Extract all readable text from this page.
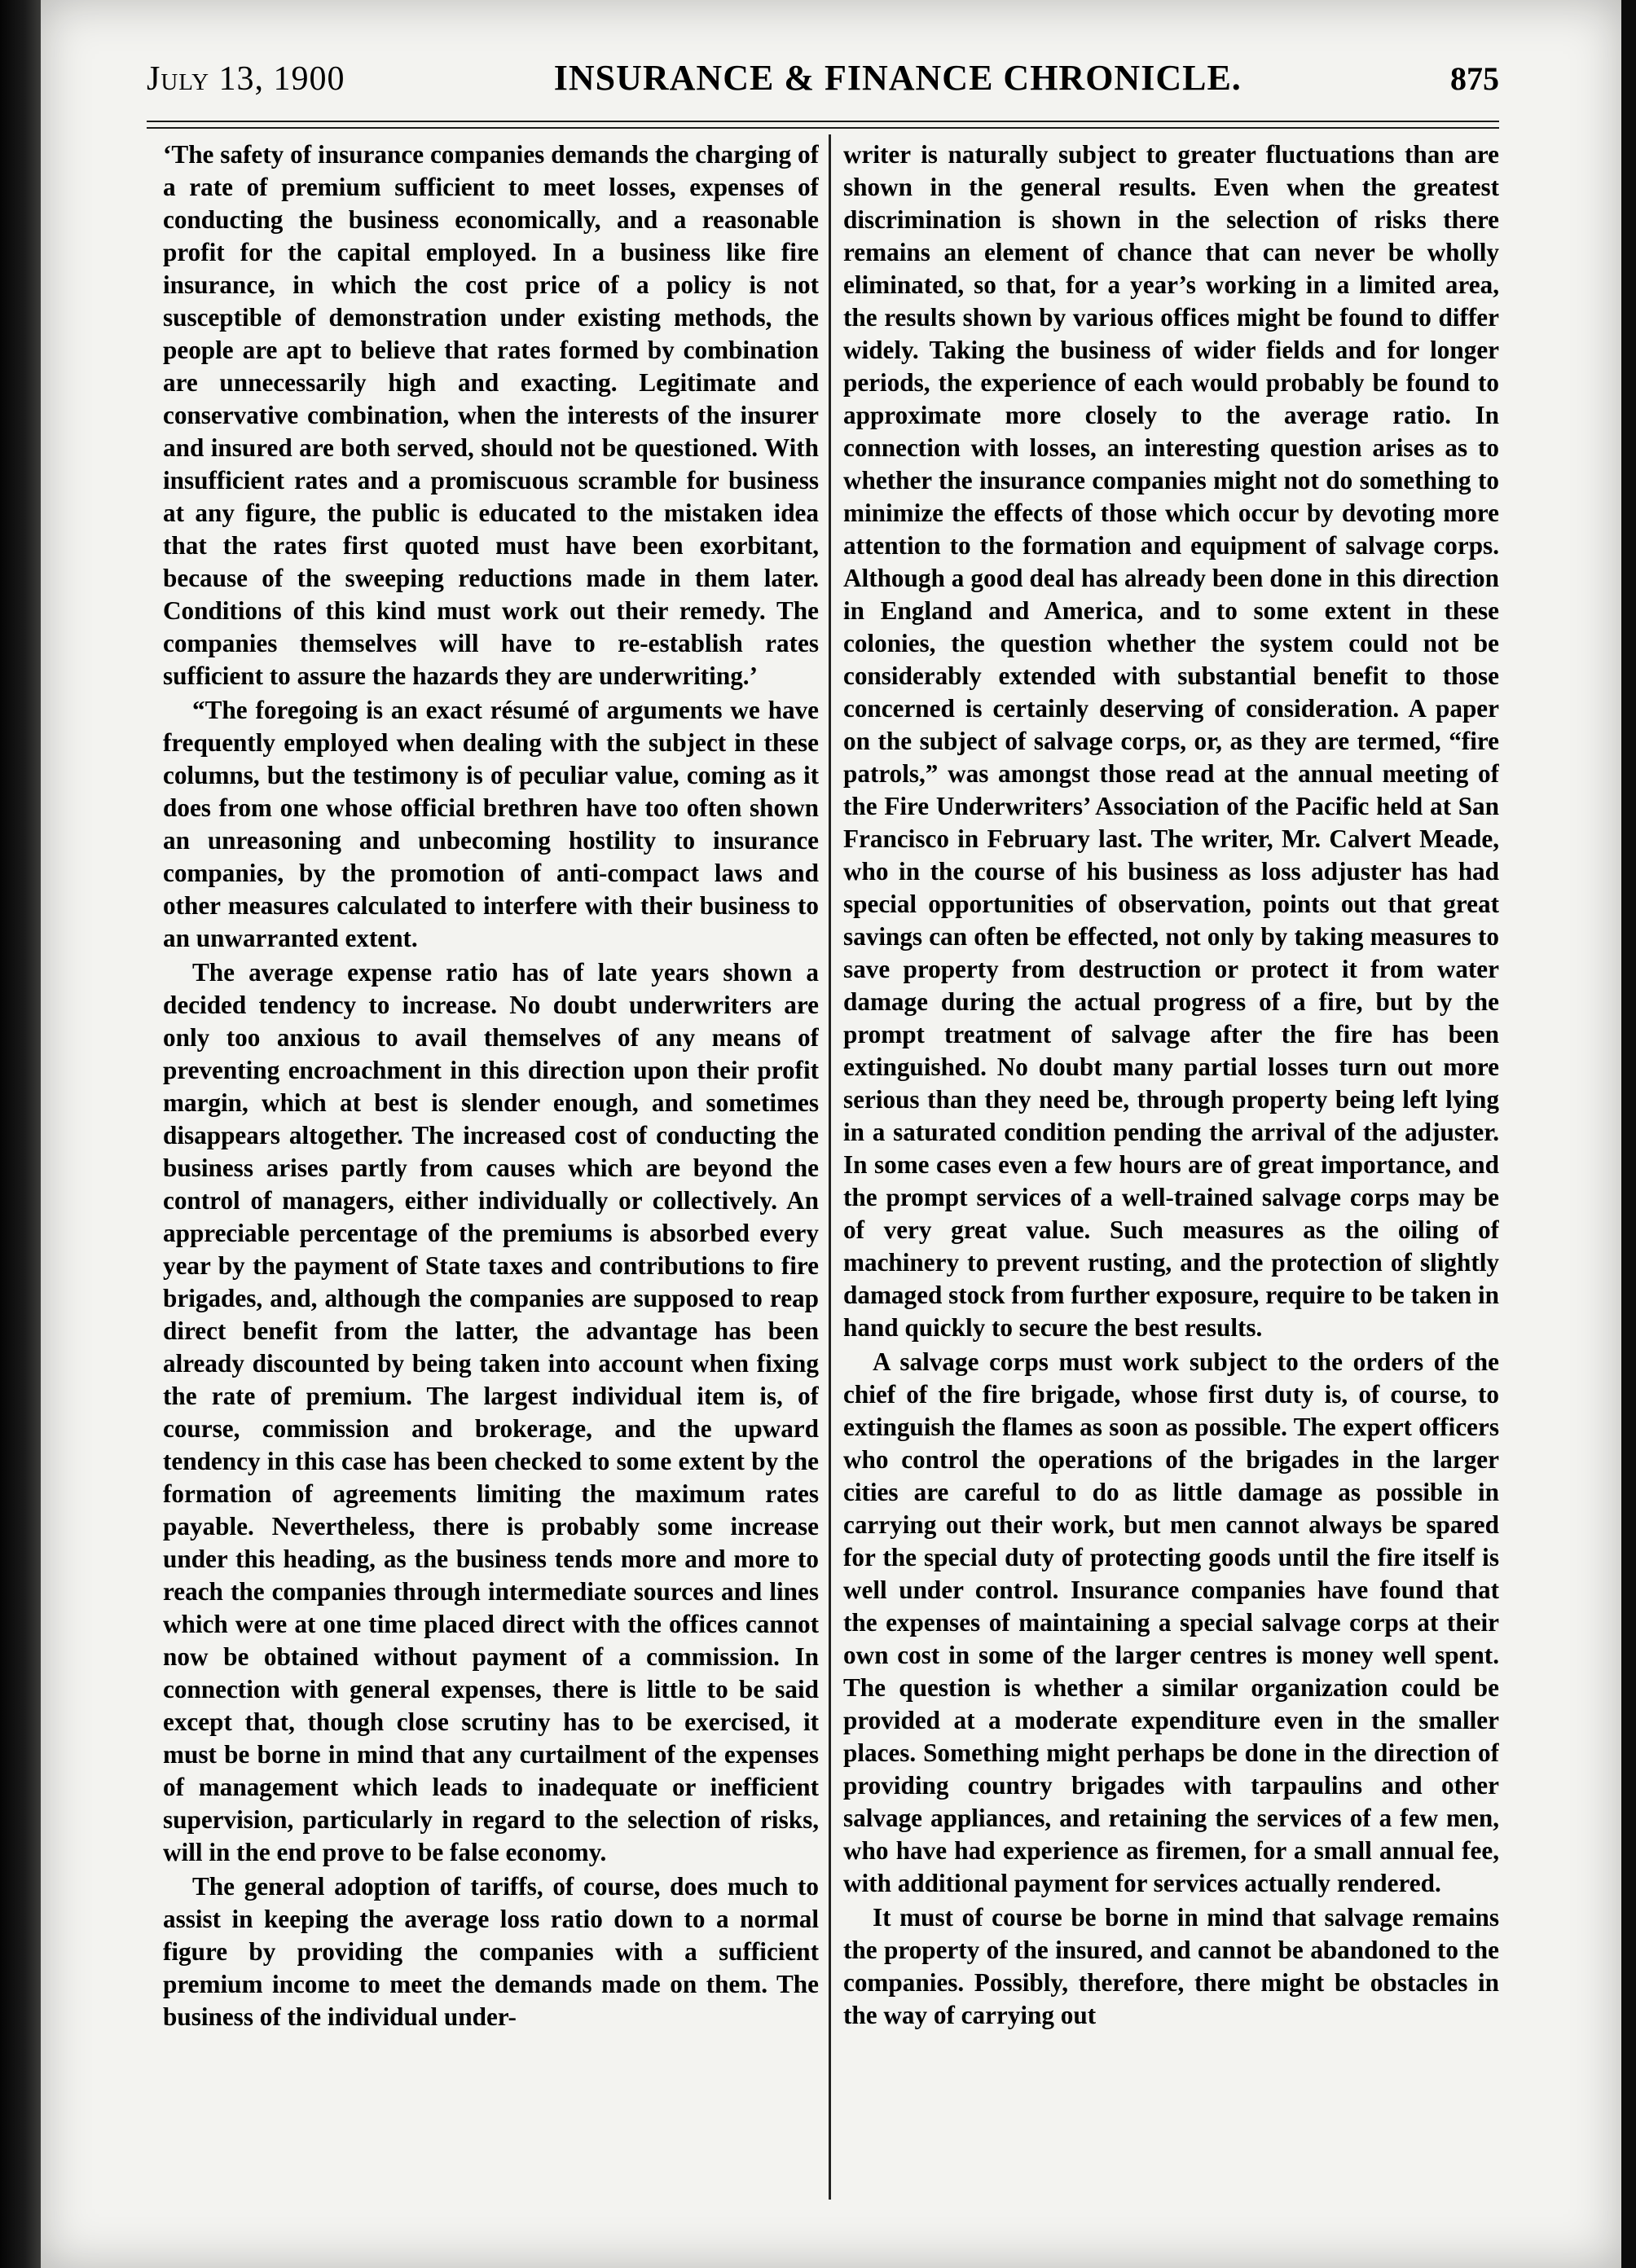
July 13, 1900	INSURANCE & FINANCE CHRONICLE.	875

‘The safety of insurance companies demands the charging of a rate of premium sufficient to meet losses, expenses of conducting the business economically, and a reasonable profit for the capital employed. In a business like fire insurance, in which the cost price of a policy is not susceptible of demonstration under existing methods, the people are apt to believe that rates formed by combination are unnecessarily high and exacting. Legitimate and conservative combination, when the interests of the insurer and insured are both served, should not be questioned. With insufficient rates and a promiscuous scramble for business at any figure, the public is educated to the mistaken idea that the rates first quoted must have been exorbitant, because of the sweeping reductions made in them later. Conditions of this kind must work out their remedy. The companies themselves will have to re-establish rates sufficient to assure the hazards they are underwriting.’

“The foregoing is an exact résumé of arguments we have frequently employed when dealing with the subject in these columns, but the testimony is of peculiar value, coming as it does from one whose official brethren have too often shown an unreasoning and unbecoming hostility to insurance companies, by the promotion of anti-compact laws and other measures calculated to interfere with their business to an unwarranted extent.

The average expense ratio has of late years shown a decided tendency to increase. No doubt underwriters are only too anxious to avail themselves of any means of preventing encroachment in this direction upon their profit margin, which at best is slender enough, and sometimes disappears altogether. The increased cost of conducting the business arises partly from causes which are beyond the control of managers, either individually or collectively. An appreciable percentage of the premiums is absorbed every year by the payment of State taxes and contributions to fire brigades, and, although the companies are supposed to reap direct benefit from the latter, the advantage has been already discounted by being taken into account when fixing the rate of premium. The largest individual item is, of course, commission and brokerage, and the upward tendency in this case has been checked to some extent by the formation of agreements limiting the maximum rates payable. Nevertheless, there is probably some increase under this heading, as the business tends more and more to reach the companies through intermediate sources and lines which were at one time placed direct with the offices cannot now be obtained without payment of a commission. In connection with general expenses, there is little to be said except that, though close scrutiny has to be exercised, it must be borne in mind that any curtailment of the expenses of management which leads to inadequate or inefficient supervision, particularly in regard to the selection of risks, will in the end prove to be false economy.

The general adoption of tariffs, of course, does much to assist in keeping the average loss ratio down to a normal figure by providing the companies with a sufficient premium income to meet the demands made on them. The business of the individual under-

writer is naturally subject to greater fluctuations than are shown in the general results. Even when the greatest discrimination is shown in the selection of risks there remains an element of chance that can never be wholly eliminated, so that, for a year’s working in a limited area, the results shown by various offices might be found to differ widely. Taking the business of wider fields and for longer periods, the experience of each would probably be found to approximate more closely to the average ratio. In connection with losses, an interesting question arises as to whether the insurance companies might not do something to minimize the effects of those which occur by devoting more attention to the formation and equipment of salvage corps. Although a good deal has already been done in this direction in England and America, and to some extent in these colonies, the question whether the system could not be considerably extended with substantial benefit to those concerned is certainly deserving of consideration. A paper on the subject of salvage corps, or, as they are termed, “fire patrols,” was amongst those read at the annual meeting of the Fire Underwriters’ Association of the Pacific held at San Francisco in February last. The writer, Mr. Calvert Meade, who in the course of his business as loss adjuster has had special opportunities of observation, points out that great savings can often be effected, not only by taking measures to save property from destruction or protect it from water damage during the actual progress of a fire, but by the prompt treatment of salvage after the fire has been extinguished. No doubt many partial losses turn out more serious than they need be, through property being left lying in a saturated condition pending the arrival of the adjuster. In some cases even a few hours are of great importance, and the prompt services of a well-trained salvage corps may be of very great value. Such measures as the oiling of machinery to prevent rusting, and the protection of slightly damaged stock from further exposure, require to be taken in hand quickly to secure the best results.

A salvage corps must work subject to the orders of the chief of the fire brigade, whose first duty is, of course, to extinguish the flames as soon as possible. The expert officers who control the operations of the brigades in the larger cities are careful to do as little damage as possible in carrying out their work, but men cannot always be spared for the special duty of protecting goods until the fire itself is well under control. Insurance companies have found that the expenses of maintaining a special salvage corps at their own cost in some of the larger centres is money well spent. The question is whether a similar organization could be provided at a moderate expenditure even in the smaller places. Something might perhaps be done in the direction of providing country brigades with tarpaulins and other salvage appliances, and retaining the services of a few men, who have had experience as firemen, for a small annual fee, with additional payment for services actually rendered.

It must of course be borne in mind that salvage remains the property of the insured, and cannot be abandoned to the companies. Possibly, therefore, there might be obstacles in the way of carrying out
